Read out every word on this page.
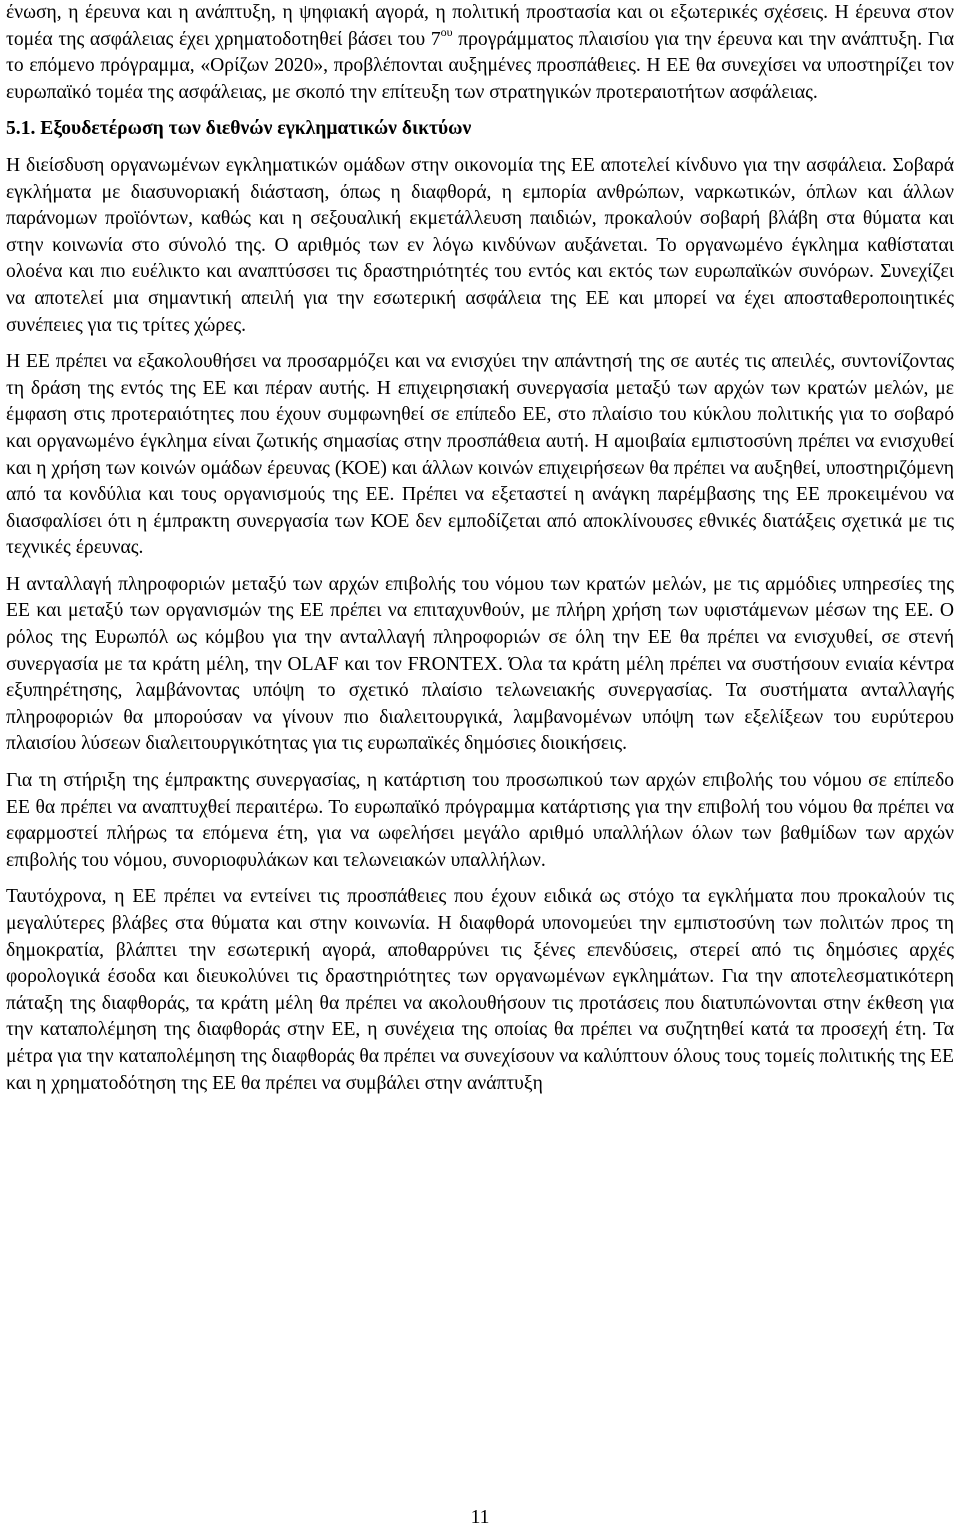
ένωση, η έρευνα και η ανάπτυξη, η ψηφιακή αγορά, η πολιτική προστασία και οι εξωτερικές σχέσεις. Η έρευνα στον τομέα της ασφάλειας έχει χρηματοδοτηθεί βάσει του $7^{o\upsilon}$ προγράμματος πλαισίου για την έρευνα και την ανάπτυξη. Για το επόμενο πρόγραμμα, «Ορίζων 2020», προβλέπονται αυξημένες προσπάθειες. Η ΕΕ θα συνεχίσει να υποστηρίζει τον ευρωπαϊκό τομέα της ασφάλειας, με σκοπό την επίτευξη των στρατηγικών προτεραιοτήτων ασφάλειας.

5.1. Εξουδετέρωση των διεθνών εγκληματικών δικτύων

Η διείσδυση οργανωμένων εγκληματικών ομάδων στην οικονομία της ΕΕ αποτελεί κίνδυνο για την ασφάλεια. Σοβαρά εγκλήματα με διασυνοριακή διάσταση, όπως η διαφθορά, η εμπορία ανθρώπων, ναρκωτικών, όπλων και άλλων παράνομων προϊόντων, καθώς και η σεξουαλική εκμετάλλευση παιδιών, προκαλούν σοβαρή βλάβη στα θύματα και στην κοινωνία στο σύνολό της. Ο αριθμός των εν λόγω κινδύνων αυξάνεται. Το οργανωμένο έγκλημα καθίσταται ολοένα και πιο ευέλικτο και αναπτύσσει τις δραστηριότητές του εντός και εκτός των ευρωπαϊκών συνόρων. Συνεχίζει να αποτελεί μια σημαντική απειλή για την εσωτερική ασφάλεια της ΕΕ και μπορεί να έχει αποσταθεροποιητικές συνέπειες για τις τρίτες χώρες.

Η ΕΕ πρέπει να εξακολουθήσει να προσαρμόζει και να ενισχύει την απάντησή της σε αυτές τις απειλές, συντονίζοντας τη δράση της εντός της ΕΕ και πέραν αυτής. Η επιχειρησιακή συνεργασία μεταξύ των αρχών των κρατών μελών, με έμφαση στις προτεραιότητες που έχουν συμφωνηθεί σε επίπεδο ΕΕ, στο πλαίσιο του κύκλου πολιτικής για το σοβαρό και οργανωμένο έγκλημα είναι ζωτικής σημασίας στην προσπάθεια αυτή. Η αμοιβαία εμπιστοσύνη πρέπει να ενισχυθεί και η χρήση των κοινών ομάδων έρευνας (ΚΟΕ) και άλλων κοινών επιχειρήσεων θα πρέπει να αυξηθεί, υποστηριζόμενη από τα κονδύλια και τους οργανισμούς της ΕΕ. Πρέπει να εξεταστεί η ανάγκη παρέμβασης της ΕΕ προκειμένου να διασφαλίσει ότι η έμπρακτη συνεργασία των ΚΟΕ δεν εμποδίζεται από αποκλίνουσες εθνικές διατάξεις σχετικά με τις τεχνικές έρευνας.

Η ανταλλαγή πληροφοριών μεταξύ των αρχών επιβολής του νόμου των κρατών μελών, με τις αρμόδιες υπηρεσίες της ΕΕ και μεταξύ των οργανισμών της ΕΕ πρέπει να επιταχυνθούν, με πλήρη χρήση των υφιστάμενων μέσων της ΕΕ. Ο ρόλος της Ευρωπόλ ως κόμβου για την ανταλλαγή πληροφοριών σε όλη την ΕΕ θα πρέπει να ενισχυθεί, σε στενή συνεργασία με τα κράτη μέλη, την OLAF και τον FRONTEX. Όλα τα κράτη μέλη πρέπει να συστήσουν ενιαία κέντρα εξυπηρέτησης, λαμβάνοντας υπόψη το σχετικό πλαίσιο τελωνειακής συνεργασίας. Τα συστήματα ανταλλαγής πληροφοριών θα μπορούσαν να γίνουν πιο διαλειτουργικά, λαμβανομένων υπόψη των εξελίξεων του ευρύτερου πλαισίου λύσεων διαλειτουργικότητας για τις ευρωπαϊκές δημόσιες διοικήσεις.

Για τη στήριξη της έμπρακτης συνεργασίας, η κατάρτιση του προσωπικού των αρχών επιβολής του νόμου σε επίπεδο ΕΕ θα πρέπει να αναπτυχθεί περαιτέρω. Το ευρωπαϊκό πρόγραμμα κατάρτισης για την επιβολή του νόμου θα πρέπει να εφαρμοστεί πλήρως τα επόμενα έτη, για να ωφελήσει μεγάλο αριθμό υπαλλήλων όλων των βαθμίδων των αρχών επιβολής του νόμου, συνοριοφυλάκων και τελωνειακών υπαλλήλων.

Ταυτόχρονα, η ΕΕ πρέπει να εντείνει τις προσπάθειες που έχουν ειδικά ως στόχο τα εγκλήματα που προκαλούν τις μεγαλύτερες βλάβες στα θύματα και στην κοινωνία. Η διαφθορά υπονομεύει την εμπιστοσύνη των πολιτών προς τη δημοκρατία, βλάπτει την εσωτερική αγορά, αποθαρρύνει τις ξένες επενδύσεις, στερεί από τις δημόσιες αρχές φορολογικά έσοδα και διευκολύνει τις δραστηριότητες των οργανωμένων εγκλημάτων. Για την αποτελεσματικότερη πάταξη της διαφθοράς, τα κράτη μέλη θα πρέπει να ακολουθήσουν τις προτάσεις που διατυπώνονται στην έκθεση για την καταπολέμηση της διαφθοράς στην ΕΕ, η συνέχεια της οποίας θα πρέπει να συζητηθεί κατά τα προσεχή έτη. Τα μέτρα για την καταπολέμηση της διαφθοράς θα πρέπει να συνεχίσουν να καλύπτουν όλους τους τομείς πολιτικής της ΕΕ και η χρηματοδότηση της ΕΕ θα πρέπει να συμβάλει στην ανάπτυξη

11
